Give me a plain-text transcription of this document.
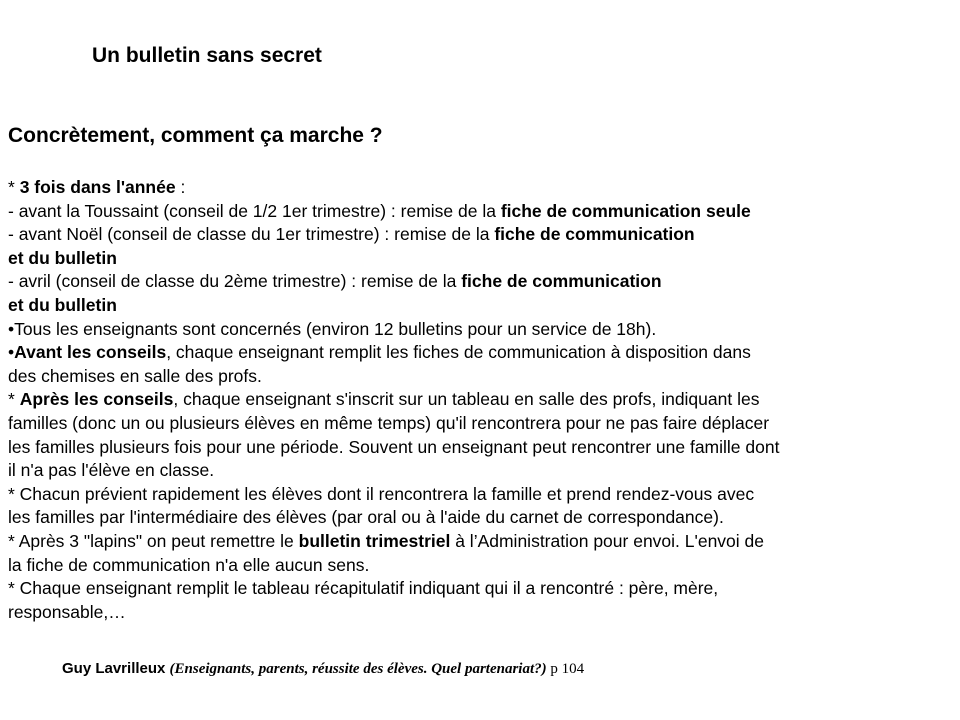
Un bulletin sans secret
Concrètement, comment ça marche ?
* 3 fois dans l'année :
- avant la Toussaint (conseil de 1/2 1er trimestre) : remise de la fiche de communication seule
- avant Noël (conseil de classe du 1er trimestre) : remise de la fiche de communication
et du bulletin
- avril (conseil de classe du 2ème trimestre) : remise de la fiche de communication
et du bulletin
•Tous les enseignants sont concernés (environ 12 bulletins pour un service de 18h).
•Avant les conseils, chaque enseignant remplit les fiches de communication à disposition dans
des chemises en salle des profs.
* Après les conseils, chaque enseignant s'inscrit sur un tableau en salle des profs, indiquant les
familles (donc un ou plusieurs élèves en même temps) qu'il rencontrera pour ne pas faire déplacer
les familles plusieurs fois pour une période. Souvent un enseignant peut rencontrer une famille dont
il n'a pas l'élève en classe.
* Chacun prévient rapidement les élèves dont il rencontrera la famille et prend rendez-vous avec
les familles par l'intermédiaire des élèves (par oral ou à l'aide du carnet de correspondance).
* Après 3 "lapins" on peut remettre le bulletin trimestriel à l’Administration pour envoi. L'envoi de
la fiche de communication n'a elle aucun sens.
* Chaque enseignant remplit le tableau récapitulatif indiquant qui il a rencontré : père, mère,
responsable,…
Guy Lavrilleux (Enseignants, parents, réussite des élèves. Quel partenariat?) p 104
